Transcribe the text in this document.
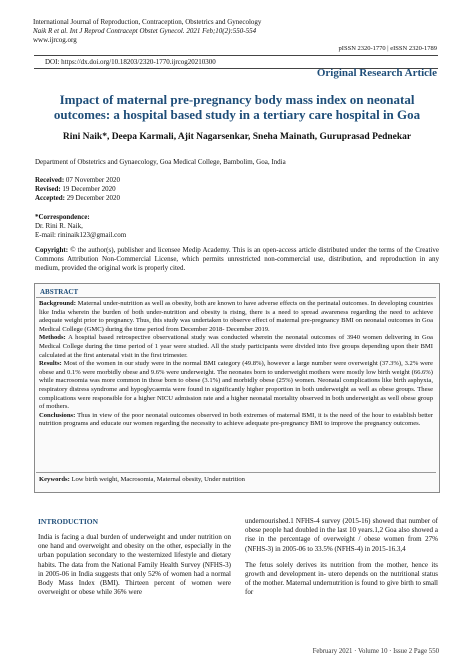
International Journal of Reproduction, Contraception, Obstetrics and Gynecology
Naik R et al. Int J Reprod Contracept Obstet Gynecol. 2021 Feb;10(2):550-554
www.ijrcog.org
pISSN 2320-1770 | eISSN 2320-1789
DOI: https://dx.doi.org/10.18203/2320-1770.ijrcog20210300
Original Research Article
Impact of maternal pre-pregnancy body mass index on neonatal outcomes: a hospital based study in a tertiary care hospital in Goa
Rini Naik*, Deepa Karmali, Ajit Nagarsenkar, Sneha Mainath, Guruprasad Pednekar
Department of Obstetrics and Gynaecology, Goa Medical College, Bambolim, Goa, India
Received: 07 November 2020
Revised: 19 December 2020
Accepted: 29 December 2020
*Correspondence:
Dr. Rini R. Naik,
E-mail: rininaik123@gmail.com
Copyright: © the author(s), publisher and licensee Medip Academy. This is an open-access article distributed under the terms of the Creative Commons Attribution Non-Commercial License, which permits unrestricted non-commercial use, distribution, and reproduction in any medium, provided the original work is properly cited.
ABSTRACT

Background: Maternal under-nutrition as well as obesity, both are known to have adverse effects on the perinatal outcomes. In developing countries like India wherein the burden of both under-nutrition and obesity is rising, there is a need to spread awareness regarding the need to achieve adequate weight prior to pregnancy. Thus, this study was undertaken to observe effect of maternal pre-pregnancy BMI on neonatal outcomes in Goa Medical College (GMC) during the time period from December 2018- December 2019.

Methods: A hospital based retrospective observational study was conducted wherein the neonatal outcomes of 3940 women delivering in Goa Medical College during the time period of 1 year were studied. All the study participants were divided into five groups depending upon their BMI calculated at the first antenatal visit in the first trimester.

Results: Most of the women in our study were in the normal BMI category (49.8%), however a large number were overweight (37.3%), 3.2% were obese and 0.1% were morbidly obese and 9.6% were underweight. The neonates born to underweight mothers were mostly low birth weight (66.6%) while macrosomia was more common in those born to obese (3.1%) and morbidly obese (25%) women. Neonatal complications like birth asphyxia, respiratory distress syndrome and hypoglycaemia were found in significantly higher proportion in both underweight as well as obese groups. These complications were responsible for a higher NICU admission rate and a higher neonatal mortality observed in both underweight as well obese group of mothers.

Conclusions: Thus in view of the poor neonatal outcomes observed in both extremes of maternal BMI, it is the need of the hour to establish better nutrition programs and educate our women regarding the necessity to achieve adequate pre-pregnancy BMI to improve the pregnancy outcomes.

Keywords: Low birth weight, Macrosomia, Maternal obesity, Under nutrition
INTRODUCTION

India is facing a dual burden of underweight and under nutrition on one hand and overweight and obesity on the other, especially in the urban population secondary to the westernized lifestyle and dietary habits. The data from the National Family Health Survey (NFHS-3) in 2005-06 in India suggests that only 52% of women had a normal Body Mass Index (BMI). Thirteen percent of women were overweight or obese while 36% were

undernourished.1 NFHS-4 survey (2015-16) showed that number of obese people had doubled in the last 10 years.1,2 Goa also showed a rise in the percentage of overweight / obese women from 27% (NFHS-3) in 2005-06 to 33.5% (NFHS-4) in 2015-16.3,4

The fetus solely derives its nutrition from the mother, hence its growth and development in- utero depends on the nutritional status of the mother. Maternal undernutrition is found to give birth to small for

February 2021 · Volume 10 · Issue 2 Page 550
